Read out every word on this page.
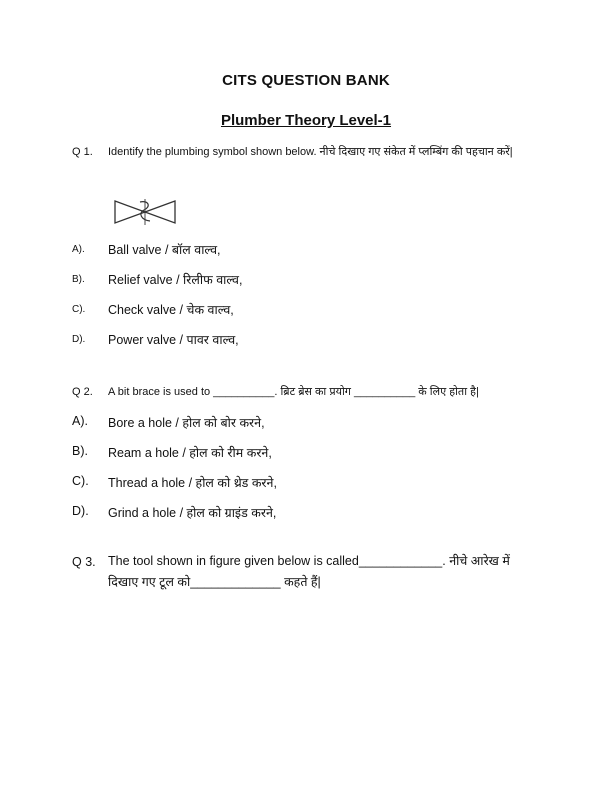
CITS QUESTION BANK
Plumber Theory Level-1
Q 1. Identify the plumbing symbol shown below. नीचे दिखाए गए संकेत में प्लम्बिंग की पहचान करें|
A). Ball valve / बॉल वाल्व,
B). Relief valve / रिलीफ वाल्व,
C). Check valve / चेक वाल्व,
D). Power valve / पावर वाल्व,
Q 2. A bit brace is used to __________. ब्रिट ब्रेस का प्रयोग __________ के लिए होता है|
A). Bore a hole / होल को बोर करने,
B). Ream a hole / होल को रीम करने,
C). Thread a hole / होल को थ्रेड करने,
D). Grind a hole / होल को ग्राइंड करने,
Q 3. The tool shown in figure given below is called____________. नीचे आरेख में दिखाए गए टूल को_____________ कहते हैं|
